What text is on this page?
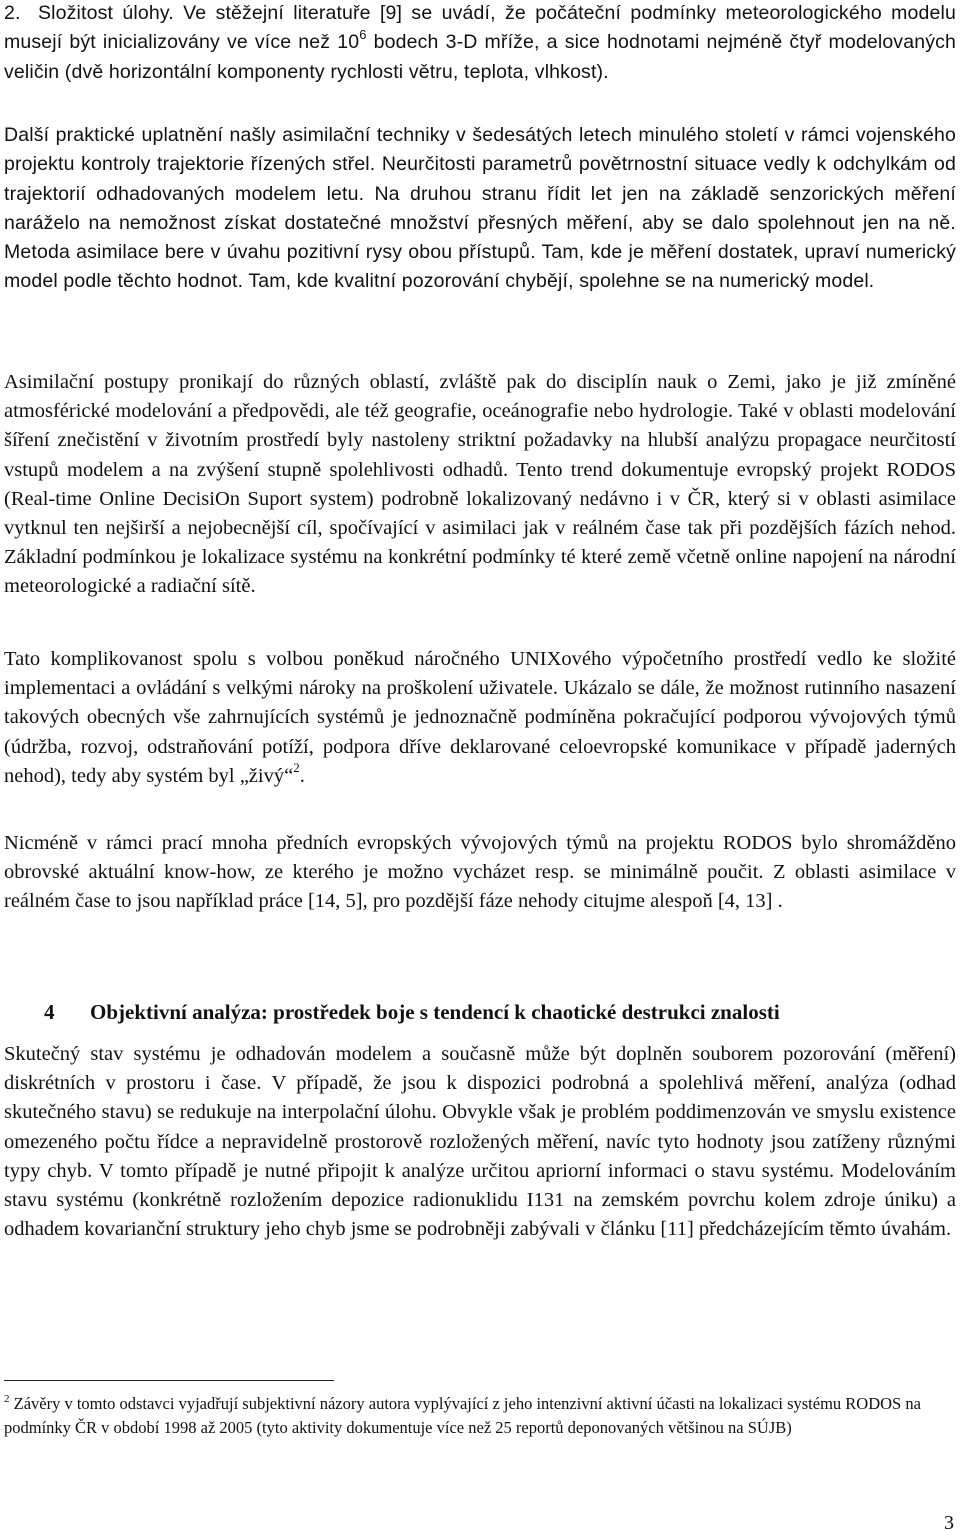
2. Složitost úlohy. Ve stěžejní literatuře [9] se uvádí, že počáteční podmínky meteorologického modelu musejí být inicializovány ve více než $10^6$ bodech 3-D mříže, a sice hodnotami nejméně čtyř modelovaných veličin (dvě horizontální komponenty rychlosti větru, teplota, vlhkost).
Další praktické uplatnění našly asimilační techniky v šedesátých letech minulého století v rámci vojenského projektu kontroly trajektorie řízených střel. Neurčitosti parametrů povětrnostní situace vedly k odchylkám od trajektorií odhadovaných modelem letu. Na druhou stranu řídit let jen na základě senzorických měření naráželo na nemožnost získat dostatečné množství přesných měření, aby se dalo spolehnout jen na ně. Metoda asimilace bere v úvahu pozitivní rysy obou přístupů. Tam, kde je měření dostatek, upraví numerický model podle těchto hodnot. Tam, kde kvalitní pozorování chybějí, spolehne se na numerický model.
Asimilační postupy pronikají do různých oblastí, zvláště pak do disciplín nauk o Zemi, jako je již zmíněné atmosférické modelování a předpovědi, ale též geografie, oceánografie nebo hydrologie. Také v oblasti modelování šíření znečistění v životním prostředí byly nastoleny striktní požadavky na hlubší analýzu propagace neurčitostí vstupů modelem a na zvýšení stupně spolehlivosti odhadů. Tento trend dokumentuje evropský projekt RODOS (Real-time Online DecisiOn Suport system) podrobně lokalizovaný nedávno i v ČR, který si v oblasti asimilace vytknul ten nejširší a nejobecnější cíl, spočívající v asimilaci jak v reálném čase tak při pozdějších fázích nehod. Základní podmínkou je lokalizace systému na konkrétní podmínky té které země včetně online napojení na národní meteorologické a radiační sítě.
Tato komplikovanost spolu s volbou poněkud náročného UNIXového výpočetního prostředí vedlo ke složité implementaci a ovládání s velkými nároky na proškolení uživatele. Ukázalo se dále, že možnost rutinního nasazení takových obecných vše zahrnujících systémů je jednoznačně podmíněna pokračující podporou vývojových týmů (údržba, rozvoj, odstraňování potíží, podpora dříve deklarované celoevropské komunikace v případě jaderných nehod), tedy aby systém byl „živý“$^2$.
Nicméně v rámci prací mnoha předních evropských vývojových týmů na projektu RODOS bylo shromážděno obrovské aktuální know-how, ze kterého je možno vycházet resp. se minimálně poučit. Z oblasti asimilace v reálném čase to jsou například práce [14, 5], pro pozdější fáze nehody citujme alespoň [4, 13] .
4 Objektivní analýza: prostředek boje s tendencí k chaotické destrukci znalosti
Skutečný stav systému je odhadován modelem a současně může být doplněn souborem pozorování (měření) diskrétních v prostoru i čase. V případě, že jsou k dispozici podrobná a spolehlivá měření, analýza (odhad skutečného stavu) se redukuje na interpolační úlohu. Obvykle však je problém poddimenzován ve smyslu existence omezeného počtu řídce a nepravidelně prostorově rozložených měření, navíc tyto hodnoty jsou zatíženy různými typy chyb. V tomto případě je nutné připojit k analýze určitou apriorní informaci o stavu systému. Modelováním stavu systému (konkrétně rozložením depozice radionuklidu I131 na zemském povrchu kolem zdroje úniku) a odhadem kovarianční struktury jeho chyb jsme se podrobněji zabývali v článku [11] předcházejícím těmto úvahám.
$^2$ Závěry v tomto odstavci vyjadřují subjektivní názory autora vyplývající z jeho intenzivní aktivní účasti na lokalizaci systému RODOS na podmínky ČR v období 1998 až 2005 (tyto aktivity dokumentuje více než 25 reportů deponovaných většinou na SÚJB)
3
